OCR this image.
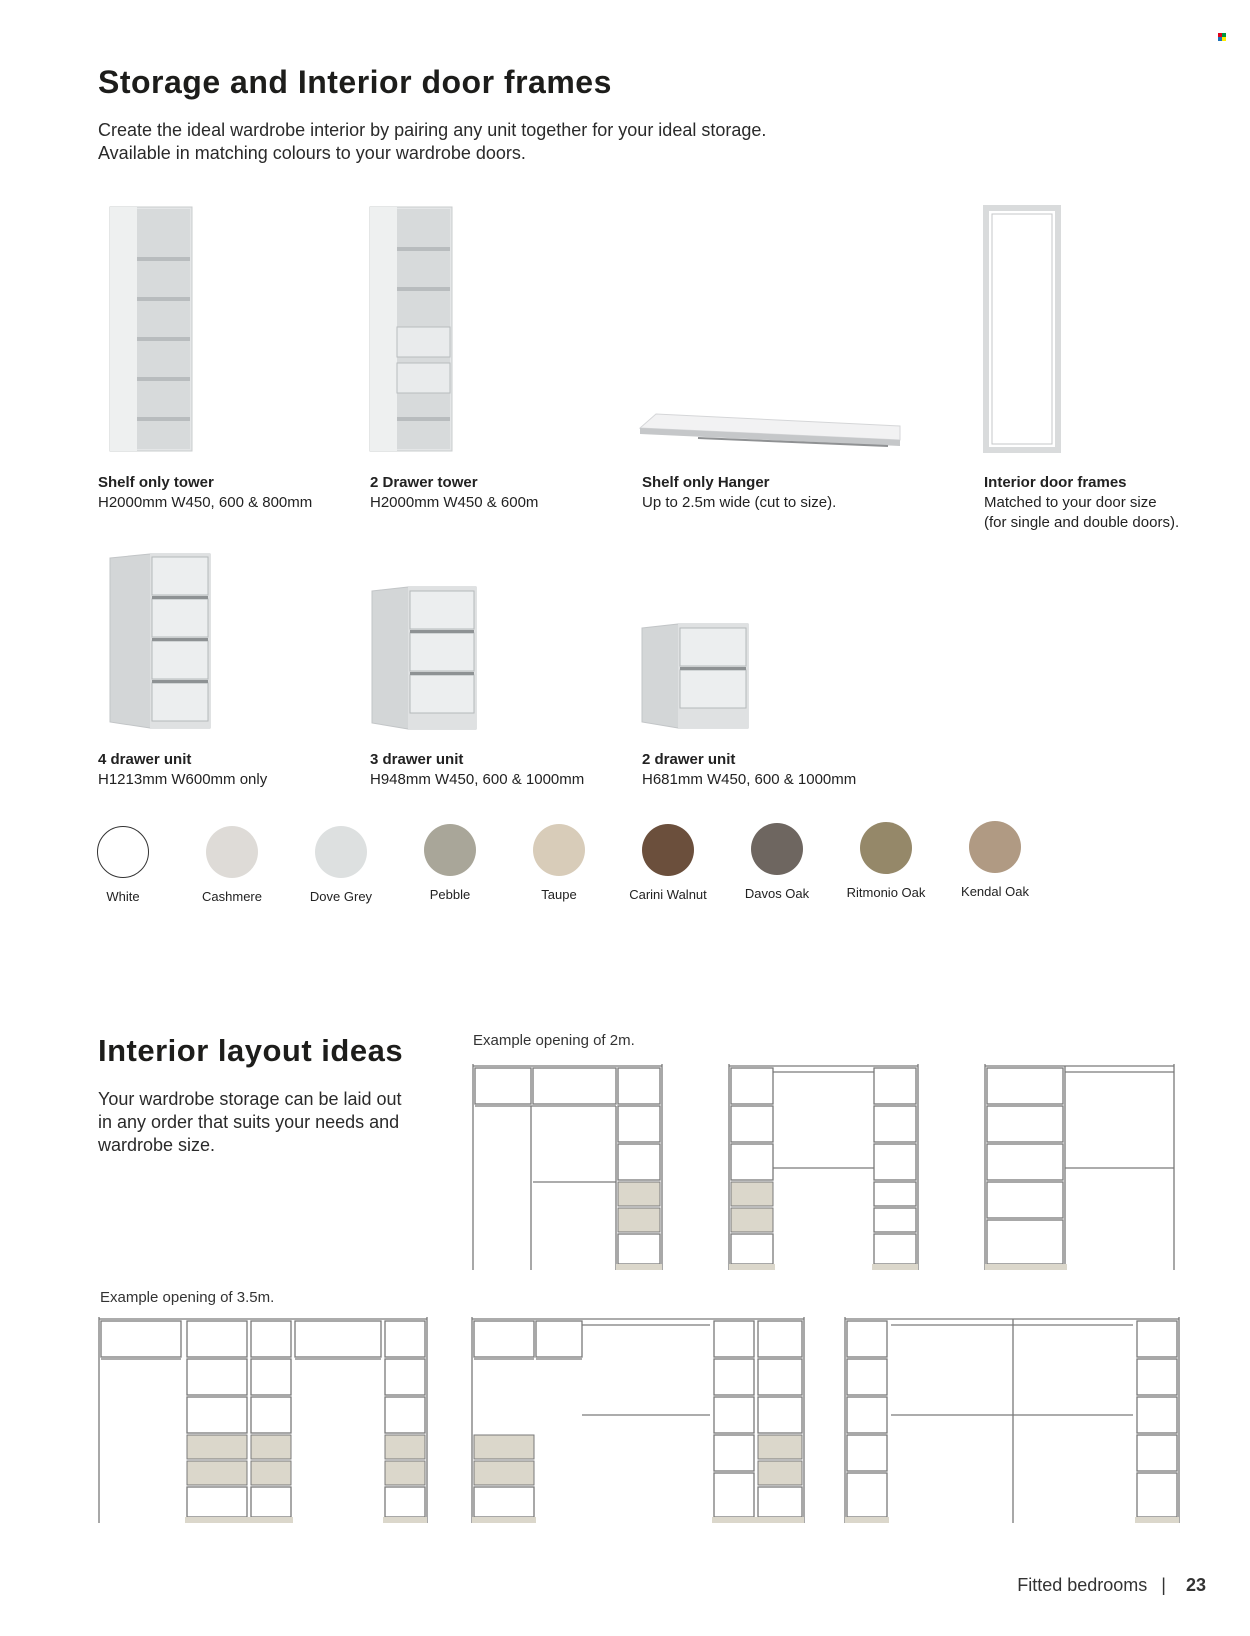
Storage and Interior door frames
Create the ideal wardrobe interior by pairing any unit together for your ideal storage.
Available in matching colours to your wardrobe doors.
Shelf only tower
H2000mm W450, 600 & 800mm
2 Drawer tower
H2000mm W450 & 600m
Shelf only Hanger
Up to 2.5m wide (cut to size).
Interior door frames
Matched to your door size
(for single and double doors).
4 drawer unit
H1213mm W600mm only
3 drawer unit
H948mm W450, 600 & 1000mm
2 drawer unit
H681mm W450, 600 & 1000mm
White	Cashmere	Dove Grey	Pebble	Taupe	Carini Walnut	Davos Oak	Ritmonio Oak	Kendal Oak
Interior layout ideas
Your wardrobe storage can be laid out
in any order that suits your needs and
wardrobe size.
Example opening of 2m.
Example opening of 3.5m.
Fitted bedrooms | 23
